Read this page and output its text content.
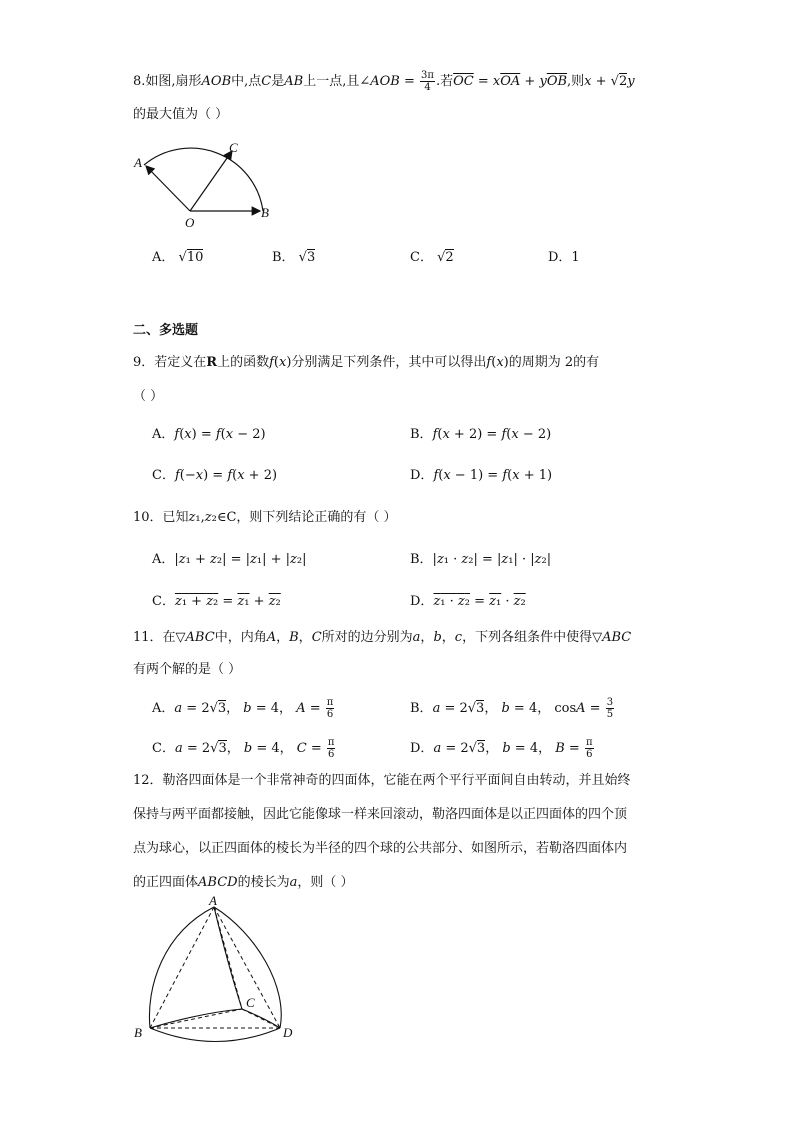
8.如图,扇形AOB中,点C是AB上一点,且∠AOB = $\frac{3\pi}{4}$ .若$\overline{OC} = x\overline{OA} + y\overline{OB}$,则x + √2y
的最大值为（ ）
A
C
O
B
A． √10	B． √3	C． √2	D．1
二、多选题
9．若定义在R上的函数f(x)分别满足下列条件，其中可以得出f(x)的周期为 2的有
（ ）
A．f(x) = f(x − 2)	B．f(x + 2) = f(x − 2)
C．f(−x) = f(x + 2)	D．f(x − 1) = f(x + 1)
10．已知z₁,z₂∈C，则下列结论正确的有（ ）
A．|z₁ + z₂| = |z₁| + |z₂|	B．|z₁ · z₂| = |z₁| · |z₂|
C．z₁ + z₂ = z₁ + z₂	D．z₁ · z₂ = z₁ · z₂
11．在▽ABC中，内角A，B，C所对的边分别为a，b，c，下列各组条件中使得▽ABC
有两个解的是（ ）
A．a = 2√3， b = 4， $A = \frac{\pi}{6}$	B．a = 2√3， b = 4， $\cos A = \frac{3}{5}$
C．a = 2√3， b = 4， $C = \frac{\pi}{6}$	D．a = 2√3， b = 4， $B = \frac{\pi}{6}$
12．勒洛四面体是一个非常神奇的四面体，它能在两个平行平面间自由转动，并且始终
保持与两平面都接触，因此它能像球一样来回滚动，勒洛四面体是以正四面体的四个顶
点为球心，以正四面体的棱长为半径的四个球的公共部分、如图所示，若勒洛四面体内
的正四面体ABCD的棱长为a，则（ ）
A
B
C
D
